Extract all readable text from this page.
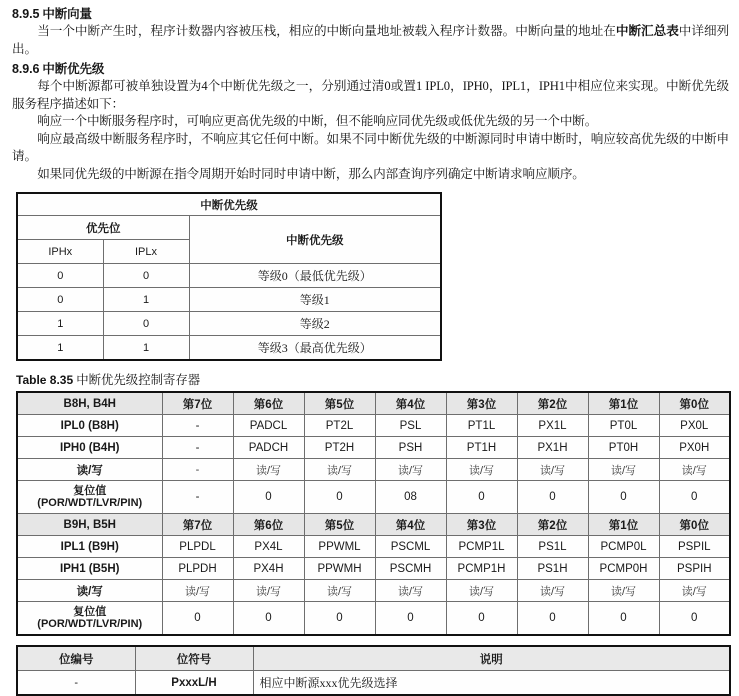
8.9.5 中断向量

当一个中断产生时，程序计数器内容被压栈，相应的中断向量地址被载入程序计数器。中断向量的地址在中断汇总表中详细列出。

8.9.6 中断优先级

每个中断源都可被单独设置为4个中断优先级之一，分别通过清0或置1 IPL0，IPH0，IPL1，IPH1中相应位来实现。中断优先级服务程序描述如下：

响应一个中断服务程序时，可响应更高优先级的中断，但不能响应同优先级或低优先级的另一个中断。

响应最高级中断服务程序时，不响应其它任何中断。如果不同中断优先级的中断源同时申请中断时，响应较高优先级的中断申请。

如果同优先级的中断源在指令周期开始时同时申请中断，那么内部查询序列确定中断请求响应顺序。

中断优先级		
优先位		中断优先级
IPHx	IPLx	
0	0	等级0（最低优先级）
0	1	等级1
1	0	等级2
1	1	等级3（最高优先级）
Table 8.35 中断优先级控制寄存器
B8H, B4H	第7位	第6位	第5位	第4位	第3位	第2位	第1位	第0位
IPL0 (B8H)	-	PADCL	PT2L	PSL	PT1L	PX1L	PT0L	PX0L
IPH0 (B4H)	-	PADCH	PT2H	PSH	PT1H	PX1H	PT0H	PX0H
读/写	-	读/写	读/写	读/写	读/写	读/写	读/写	读/写

复位值
(POR/WDT/LVR/PIN)	-	0	0	08	0	0	0	0
B9H, B5H	第7位	第6位	第5位	第4位	第3位	第2位	第1位	第0位
IPL1 (B9H)	PLPDL	PX4L	PPWML	PSCML	PCMP1L	PS1L	PCMP0L	PSPIL
IPH1 (B5H)	PLPDH	PX4H	PPWMH	PSCMH	PCMP1H	PS1H	PCMP0H	PSPIH
读/写	读/写	读/写	读/写	读/写	读/写	读/写	读/写	读/写

复位值
(POR/WDT/LVR/PIN)	0	0	0	0	0	0	0	0
位编号	位符号	说明
-	PxxxL/H	相应中断源xxx优先级选择
